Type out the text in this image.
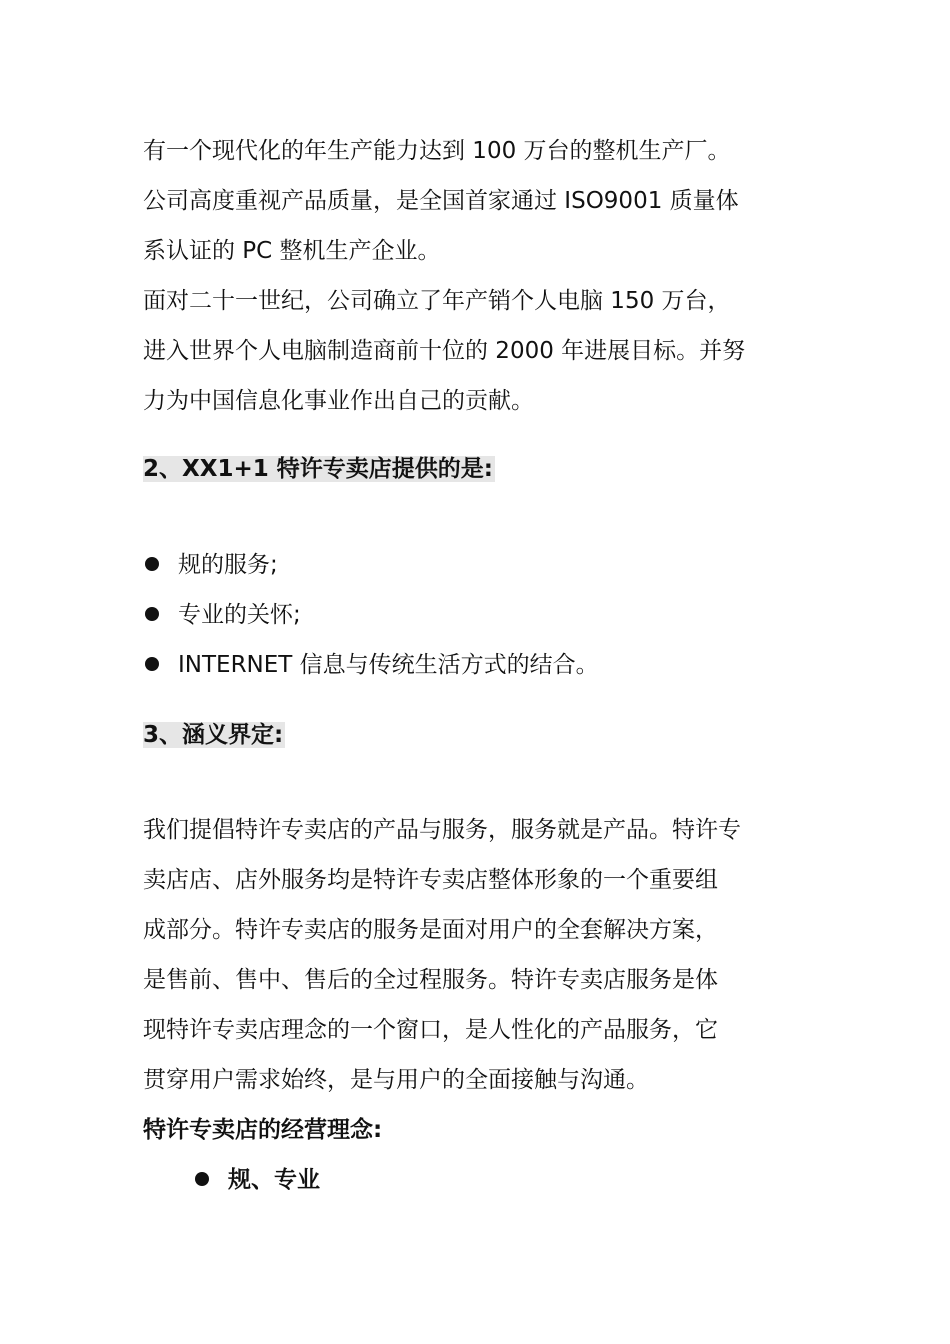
有一个现代化的年生产能力达到 100 万台的整机生产厂。
公司高度重视产品质量，是全国首家通过 ISO9001 质量体
系认证的 PC 整机生产企业。
面对二十一世纪，公司确立了年产销个人电脑 150 万台，
进入世界个人电脑制造商前十位的 2000 年进展目标。并努
力为中国信息化事业作出自己的贡献。
2、XX1+1 特许专卖店提供的是:
规的服务;
专业的关怀;
INTERNET 信息与传统生活方式的结合。
3、涵义界定:
我们提倡特许专卖店的产品与服务，服务就是产品。特许专
卖店店、店外服务均是特许专卖店整体形象的一个重要组
成部分。特许专卖店的服务是面对用户的全套解决方案，
是售前、售中、售后的全过程服务。特许专卖店服务是体
现特许专卖店理念的一个窗口，是人性化的产品服务，它
贯穿用户需求始终，是与用户的全面接触与沟通。
特许专卖店的经营理念:
规、专业
